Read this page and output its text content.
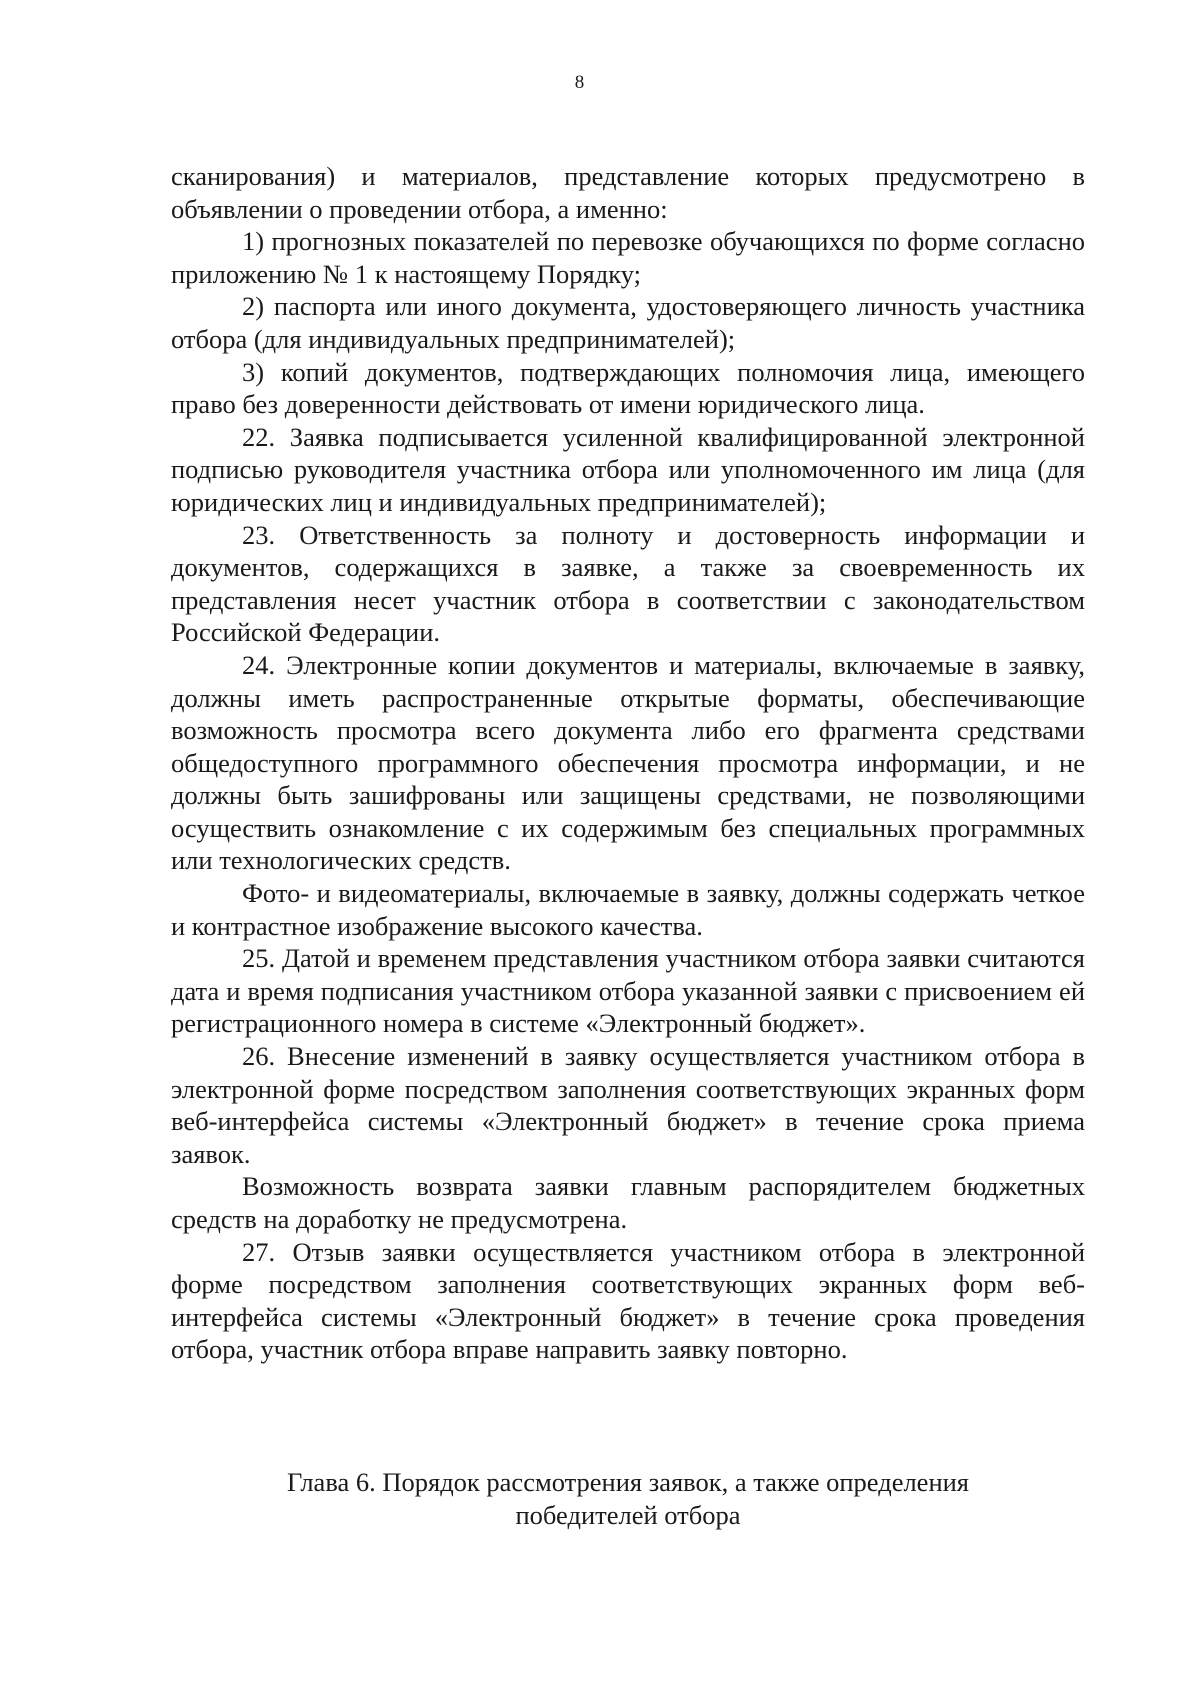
8

сканирования) и материалов, представление которых предусмотрено в объявлении о проведении отбора, а именно:

1) прогнозных показателей по перевозке обучающихся по форме согласно приложению № 1 к настоящему Порядку;

2) паспорта или иного документа, удостоверяющего личность участника отбора (для индивидуальных предпринимателей);

3) копий документов, подтверждающих полномочия лица, имеющего право без доверенности действовать от имени юридического лица.

22. Заявка подписывается усиленной квалифицированной электронной подписью руководителя участника отбора или уполномоченного им лица (для юридических лиц и индивидуальных предпринимателей);

23. Ответственность за полноту и достоверность информации и документов, содержащихся в заявке, а также за своевременность их представления несет участник отбора в соответствии с законодательством Российской Федерации.

24. Электронные копии документов и материалы, включаемые в заявку, должны иметь распространенные открытые форматы, обеспечивающие возможность просмотра всего документа либо его фрагмента средствами общедоступного программного обеспечения просмотра информации, и не должны быть зашифрованы или защищены средствами, не позволяющими осуществить ознакомление с их содержимым без специальных программных или технологических средств.

Фото- и видеоматериалы, включаемые в заявку, должны содержать четкое и контрастное изображение высокого качества.

25. Датой и временем представления участником отбора заявки считаются дата и время подписания участником отбора указанной заявки с присвоением ей регистрационного номера в системе «Электронный бюджет».

26. Внесение изменений в заявку осуществляется участником отбора в электронной форме посредством заполнения соответствующих экранных форм веб-интерфейса системы «Электронный бюджет» в течение срока приема заявок.

Возможность возврата заявки главным распорядителем бюджетных средств на доработку не предусмотрена.

27. Отзыв заявки осуществляется участником отбора в электронной форме посредством заполнения соответствующих экранных форм веб-интерфейса системы «Электронный бюджет» в течение срока проведения отбора, участник отбора вправе направить заявку повторно.

Глава 6. Порядок рассмотрения заявок, а также определения
победителей отбора
